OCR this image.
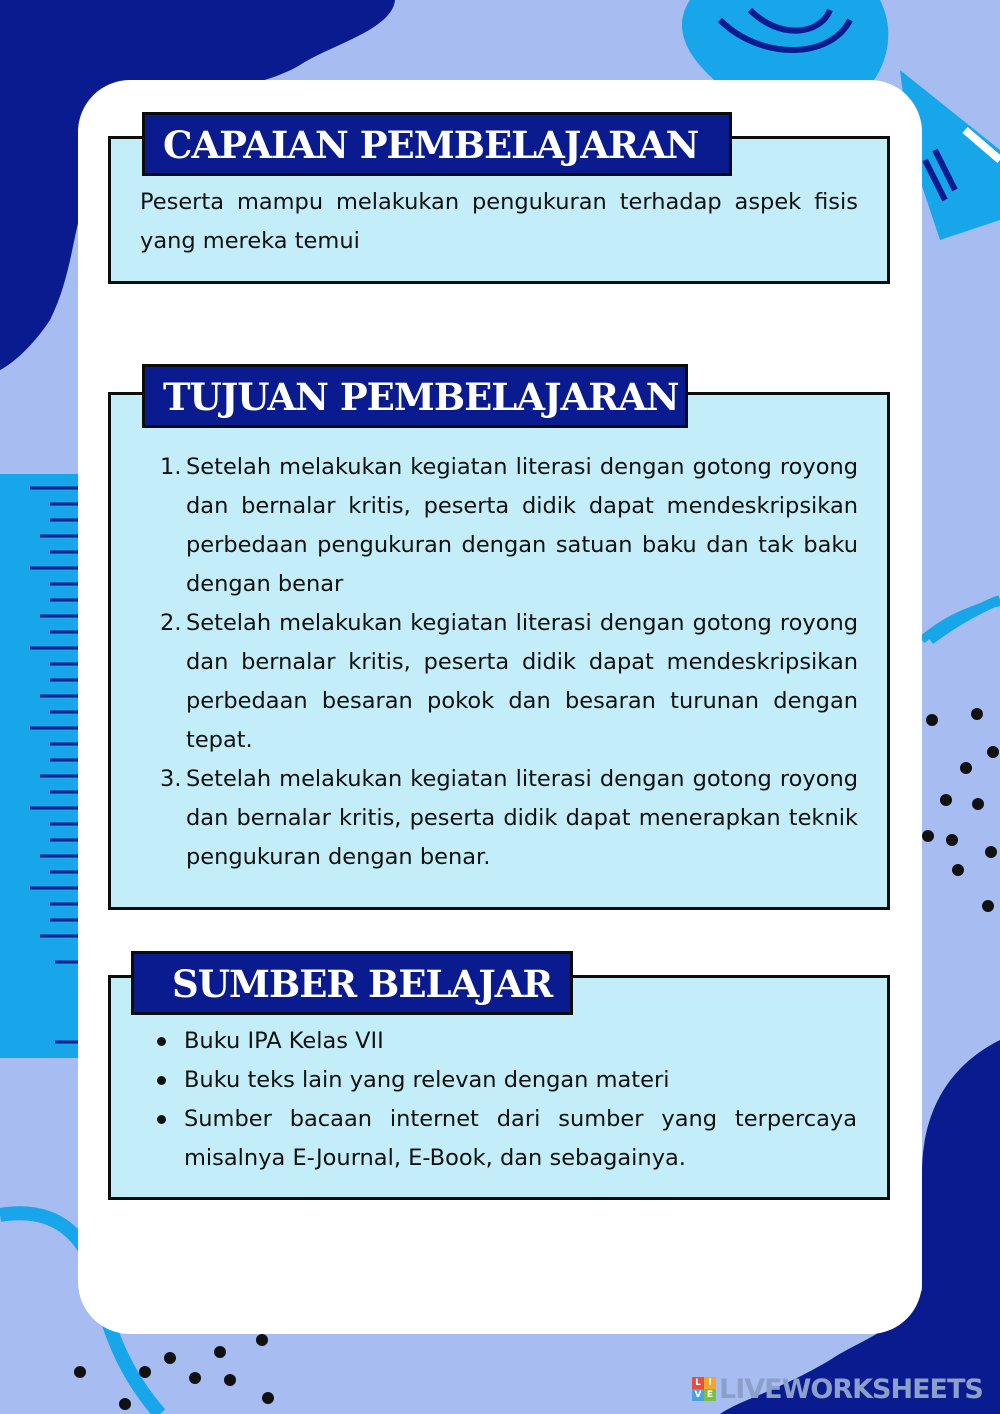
CAPAIAN PEMBELAJARAN
Peserta mampu melakukan pengukuran terhadap aspek fisis yang mereka temui
TUJUAN PEMBELAJARAN
1. Setelah melakukan kegiatan literasi dengan gotong royong dan bernalar kritis, peserta didik dapat mendeskripsikan perbedaan pengukuran dengan satuan baku dan tak baku dengan benar
2. Setelah melakukan kegiatan literasi dengan gotong royong dan bernalar kritis, peserta didik dapat mendeskripsikan perbedaan besaran pokok dan besaran turunan dengan tepat.
3. Setelah melakukan kegiatan literasi dengan gotong royong dan bernalar kritis, peserta didik dapat menerapkan teknik pengukuran dengan benar.
SUMBER BELAJAR
Buku IPA Kelas VII
Buku teks lain yang relevan dengan materi
Sumber bacaan internet dari sumber yang terpercaya misalnya E-Journal, E-Book, dan sebagainya.
L I
V E LIVEWORKSHEETS
